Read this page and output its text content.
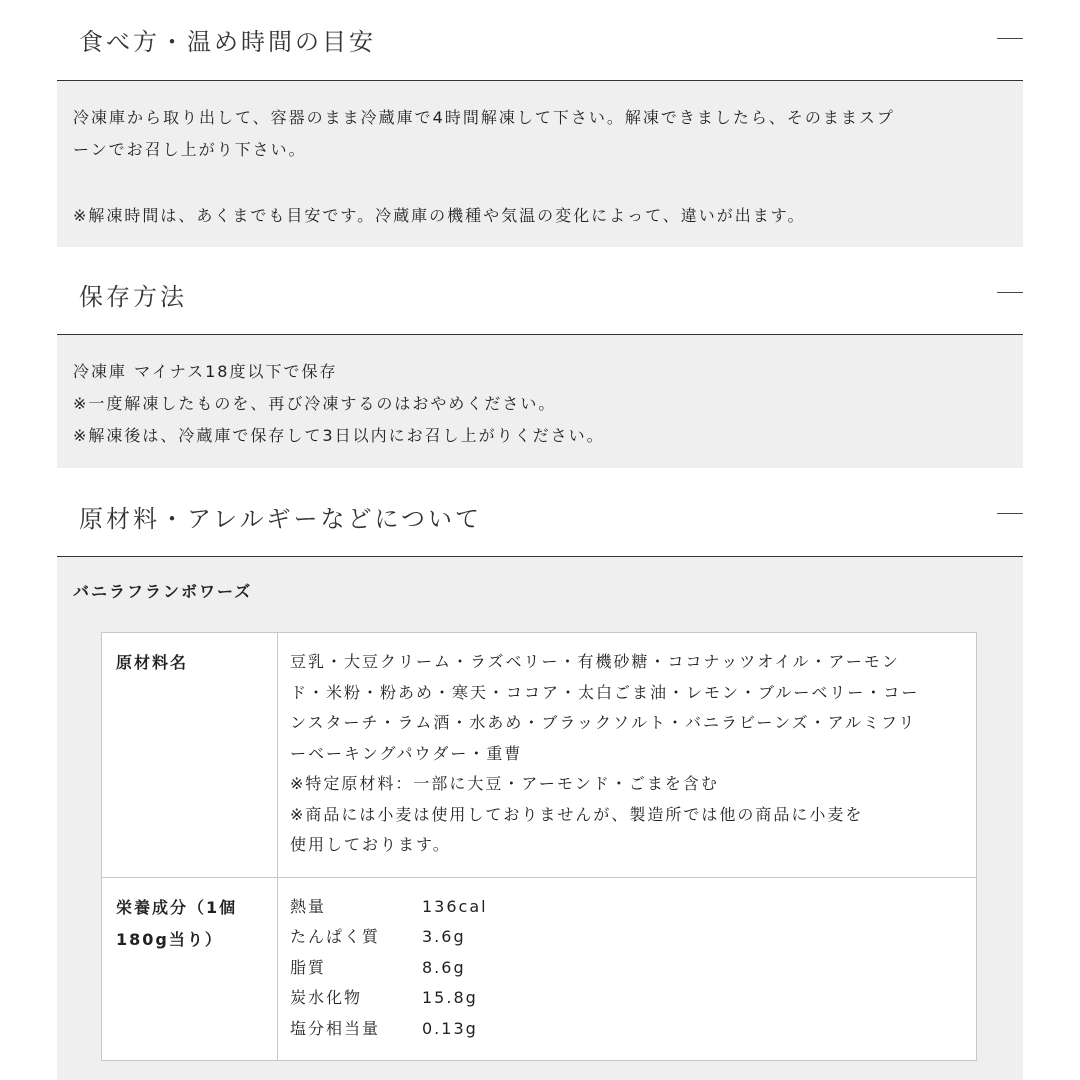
食べ方・温め時間の目安
冷凍庫から取り出して、容器のまま冷蔵庫で4時間解凍して下さい。解凍できましたら、そのままスプ
ーンでお召し上がり下さい。
※解凍時間は、あくまでも目安です。冷蔵庫の機種や気温の変化によって、違いが出ます。
保存方法
冷凍庫 マイナス18度以下で保存
※一度解凍したものを、再び冷凍するのはおやめください。
※解凍後は、冷蔵庫で保存して3日以内にお召し上がりください。
原材料・アレルギーなどについて
バニラフランボワーズ
原材料名	豆乳・大豆クリーム・ラズベリー・有機砂糖・ココナッツオイル・アーモン
ド・米粉・粉あめ・寒天・ココア・太白ごま油・レモン・ブルーベリー・コー
ンスターチ・ラム酒・水あめ・ブラックソルト・バニラビーンズ・アルミフリ
ーベーキングパウダー・重曹
※特定原材料：一部に大豆・アーモンド・ごまを含む
※商品には小麦は使用しておりませんが、製造所では他の商品に小麦を
使用しております。
栄養成分（1個
180g当り）
熱量	136cal
たんぱく質	3.6g
脂質	8.6g
炭水化物	15.8g
塩分相当量	0.13g
